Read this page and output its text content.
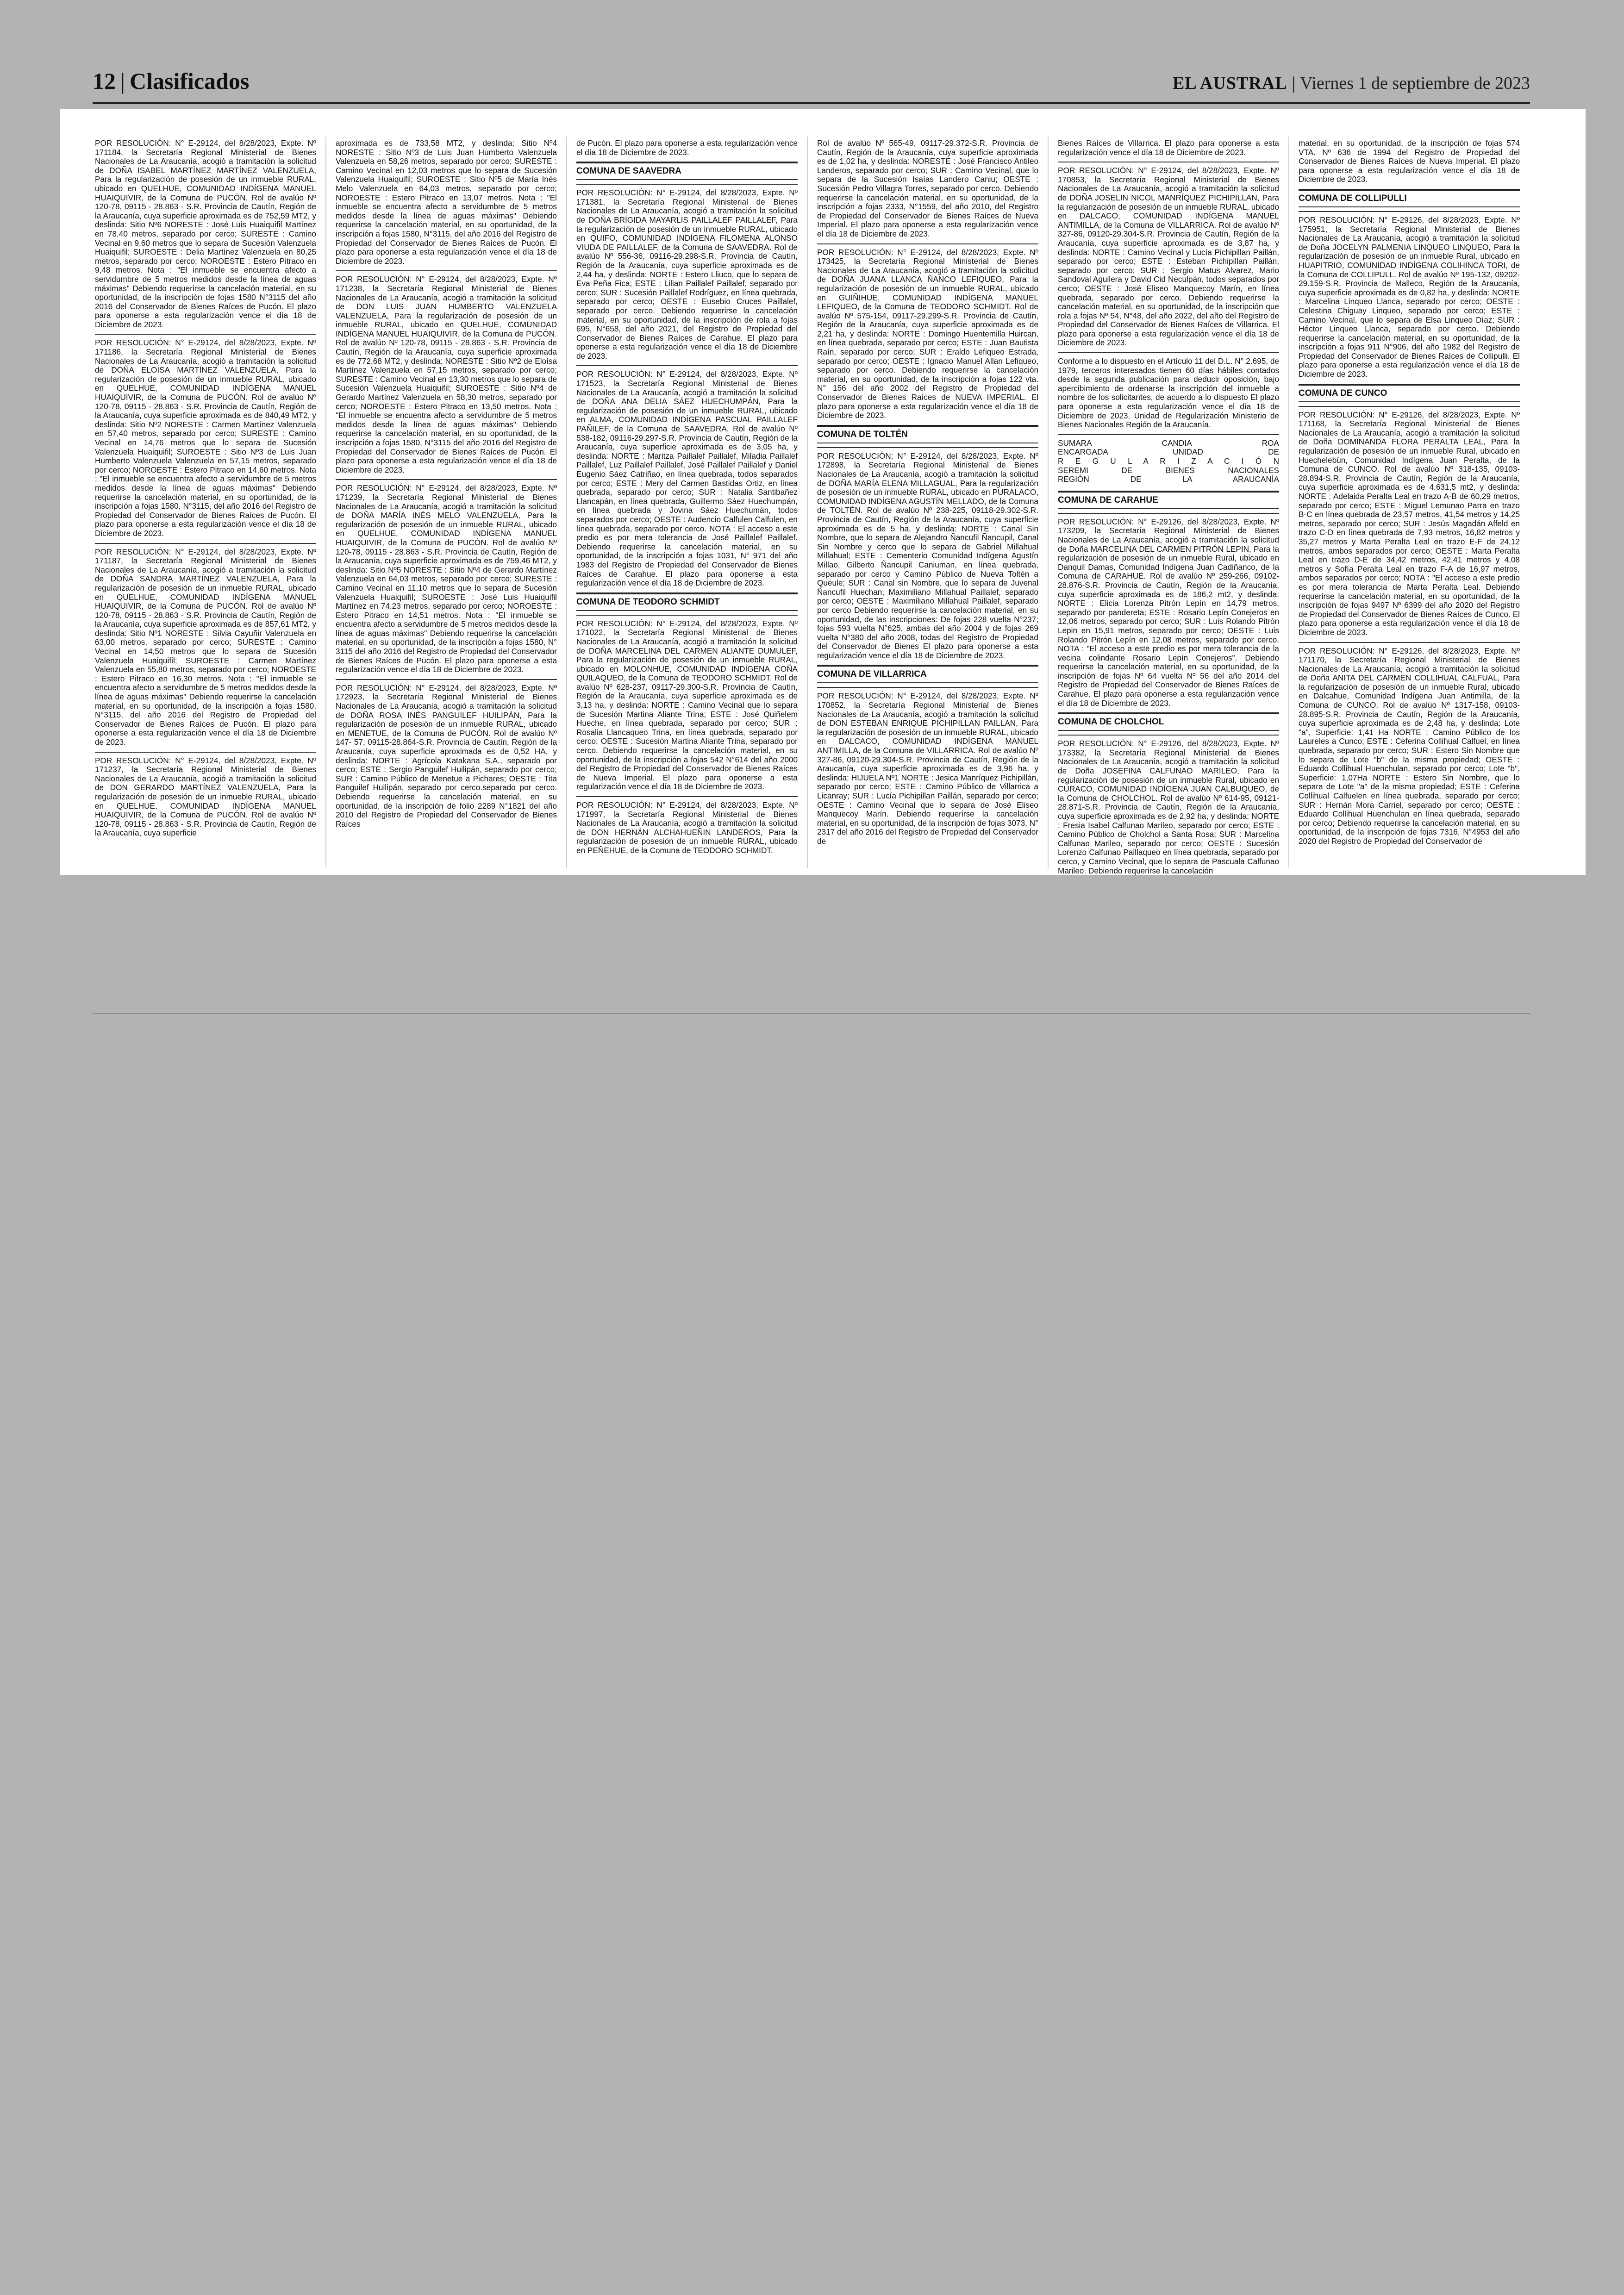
12 | Clasificados	EL AUSTRAL | Viernes 1 de septiembre de 2023

POR RESOLUCIÓN: N° E-29124, del 8/28/2023, Expte. Nº 171184, la Secretaría Regional Ministerial de Bienes Nacionales de La Araucanía, acogió a tramitación la solicitud de DOÑA ISABEL MARTÍNEZ MARTÍNEZ VALENZUELA, Para la regularización de posesión de un inmueble RURAL, ubicado en QUELHUE, COMUNIDAD INDÍGENA MANUEL HUAIQUIVIR, de la Comuna de PUCÓN. Rol de avalúo Nº 120-78, 09115 - 28.863 - S.R. Provincia de Cautín, Región de la Araucanía, cuya superficie aproximada es de 752,59 MT2, y deslinda: Sitio Nº6 NORESTE : José Luis Huaiquifil Martínez en 78,40 metros, separado por cerco; SURESTE : Camino Vecinal en 9,60 metros que lo separa de Sucesión Valenzuela Huaiquifil; SUROESTE : Delia Martínez Valenzuela en 80,25 metros, separado por cerco; NOROESTE : Estero Pitraco en 9,48 metros. Nota : "El inmueble se encuentra afecto a servidumbre de 5 metros medidos desde la línea de aguas máximas" Debiendo requerirse la cancelación material, en su oportunidad, de la inscripción de fojas 1580 N°3115 del año 2016 del Conservador de Bienes Raíces de Pucón. El plazo para oponerse a esta regularización vence el día 18 de Diciembre de 2023.

POR RESOLUCIÓN: N° E-29124, del 8/28/2023, Expte. Nº 171186, la Secretaría Regional Ministerial de Bienes Nacionales de La Araucanía, acogió a tramitación la solicitud de DOÑA ELOÍSA MARTÍNEZ VALENZUELA, Para la regularización de posesión de un inmueble RURAL, ubicado en QUELHUE, COMUNIDAD INDÍGENA MANUEL HUAIQUIVIR, de la Comuna de PUCÓN. Rol de avalúo Nº 120-78, 09115 - 28.863 - S.R. Provincia de Cautín, Región de la Araucanía, cuya superficie aproximada es de 840,49 MT2, y deslinda: Sitio Nº2 NORESTE : Carmen Martínez Valenzuela en 57,40 metros, separado por cerco; SURESTE : Camino Vecinal en 14,76 metros que lo separa de Sucesión Valenzuela Huaiquifil; SUROESTE : Sitio Nº3 de Luis Juan Humberto Valenzuela Valenzuela en 57,15 metros, separado por cerco; NOROESTE : Estero Pitraco en 14,60 metros. Nota : "El inmueble se encuentra afecto a servidumbre de 5 metros medidos desde la línea de aguas máximas" Debiendo requerirse la cancelación material, en su oportunidad, de la inscripción a fojas 1580, N°3115, del año 2016 del Registro de Propiedad del Conservador de Bienes Raíces de Pucón. El plazo para oponerse a esta regularización vence el día 18 de Diciembre de 2023.

POR RESOLUCIÓN: N° E-29124, del 8/28/2023, Expte. Nº 171187, la Secretaría Regional Ministerial de Bienes Nacionales de La Araucanía, acogió a tramitación la solicitud de DOÑA SANDRA MARTÍNEZ VALENZUELA, Para la regularización de posesión de un inmueble RURAL, ubicado en QUELHUE, COMUNIDAD INDÍGENA MANUEL HUAIQUIVIR, de la Comuna de PUCÓN. Rol de avalúo Nº 120-78, 09115 - 28.863 - S.R. Provincia de Cautín, Región de la Araucanía, cuya superficie aproximada es de 857,61 MT2, y deslinda: Sitio Nº1 NORESTE : Silvia Cayuñir Valenzuela en 63,00 metros, separado por cerco; SURESTE : Camino Vecinal en 14,50 metros que lo separa de Sucesión Valenzuela Huaiquifil; SUROESTE : Carmen Martínez Valenzuela en 55,80 metros, separado por cerco; NOROESTE : Estero Pitraco en 16,30 metros. Nota : "El inmueble se encuentra afecto a servidumbre de 5 metros medidos desde la línea de aguas máximas" Debiendo requerirse la cancelación material, en su oportunidad, de la inscripción a fojas 1580, N°3115, del año 2016 del Registro de Propiedad del Conservador de Bienes Raíces de Pucón. El plazo para oponerse a esta regularización vence el día 18 de Diciembre de 2023.

POR RESOLUCIÓN: N° E-29124, del 8/28/2023, Expte. Nº 171237, la Secretaría Regional Ministerial de Bienes Nacionales de La Araucanía, acogió a tramitación la solicitud de DON GERARDO MARTÍNEZ VALENZUELA, Para la regularización de posesión de un inmueble RURAL, ubicado en QUELHUE, COMUNIDAD INDÍGENA MANUEL HUAIQUIVIR, de la Comuna de PUCÓN. Rol de avalúo Nº 120-78, 09115 - 28.863 - S.R. Provincia de Cautín, Región de la Araucanía, cuya superficie

aproximada es de 733,58 MT2, y deslinda: Sitio Nº4 NORESTE : Sitio Nº3 de Luis Juan Humberto Valenzuela Valenzuela en 58,26 metros, separado por cerco; SURESTE : Camino Vecinal en 12,03 metros que lo separa de Sucesión Valenzuela Huaiquifil; SUROESTE : Sitio Nº5 de María Inés Melo Valenzuela en 64,03 metros, separado por cerco; NOROESTE : Estero Pitraco en 13,07 metros. Nota : "El inmueble se encuentra afecto a servidumbre de 5 metros medidos desde la línea de aguas máximas" Debiendo requerirse la cancelación material, en su oportunidad, de la inscripción a fojas 1580, N°3115, del año 2016 del Registro de Propiedad del Conservador de Bienes Raíces de Pucón. El plazo para oponerse a esta regularización vence el día 18 de Diciembre de 2023.

POR RESOLUCIÓN: N° E-29124, del 8/28/2023, Expte. Nº 171238, la Secretaría Regional Ministerial de Bienes Nacionales de La Araucanía, acogió a tramitación la solicitud de DON LUIS JUAN HUMBERTO VALENZUELA VALENZUELA, Para la regularización de posesión de un inmueble RURAL, ubicado en QUELHUE, COMUNIDAD INDÍGENA MANUEL HUAIQUIVIR, de la Comuna de PUCÓN. Rol de avalúo Nº 120-78, 09115 - 28.863 - S.R. Provincia de Cautín, Región de la Araucanía, cuya superficie aproximada es de 772,68 MT2, y deslinda: NORESTE : Sitio Nº2 de Eloísa Martínez Valenzuela en 57,15 metros, separado por cerco; SURESTE : Camino Vecinal en 13,30 metros que lo separa de Sucesión Valenzuela Huaiquifil; SUROESTE : Sitio Nº4 de Gerardo Martínez Valenzuela en 58,30 metros, separado por cerco; NOROESTE : Estero Pitraco en 13,50 metros. Nota : "El inmueble se encuentra afecto a servidumbre de 5 metros medidos desde la línea de aguas máximas" Debiendo requerirse la cancelación material, en su oportunidad, de la inscripción a fojas 1580, N°3115 del año 2016 del Registro de Propiedad del Conservador de Bienes Raíces de Pucón. El plazo para oponerse a esta regularización vence el día 18 de Diciembre de 2023.

POR RESOLUCIÓN: N° E-29124, del 8/28/2023, Expte. Nº 171239, la Secretaría Regional Ministerial de Bienes Nacionales de La Araucanía, acogió a tramitación la solicitud de DOÑA MARÍA INÉS MELO VALENZUELA, Para la regularización de posesión de un inmueble RURAL, ubicado en QUELHUE, COMUNIDAD INDÍGENA MANUEL HUAIQUIVIR, de la Comuna de PUCÓN. Rol de avalúo Nº 120-78, 09115 - 28.863 - S.R. Provincia de Cautín, Región de la Araucanía, cuya superficie aproximada es de 759,46 MT2, y deslinda: Sitio Nº5 NORESTE : Sitio Nº4 de Gerardo Martínez Valenzuela en 64,03 metros, separado por cerco; SURESTE : Camino Vecinal en 11,10 metros que lo separa de Sucesión Valenzuela Huaiquifil; SUROESTE : José Luis Huaiquifil Martínez en 74,23 metros, separado por cerco; NOROESTE : Estero Pitraco en 14,51 metros. Nota : "El inmueble se encuentra afecto a servidumbre de 5 metros medidos desde la línea de aguas máximas" Debiendo requerirse la cancelación material, en su oportunidad, de la inscripción a fojas 1580, N° 3115 del año 2016 del Registro de Propiedad del Conservador de Bienes Raíces de Pucón. El plazo para oponerse a esta regularización vence el día 18 de Diciembre de 2023.

POR RESOLUCIÓN: N° E-29124, del 8/28/2023, Expte. Nº 172923, la Secretaría Regional Ministerial de Bienes Nacionales de La Araucanía, acogió a tramitación la solicitud de DOÑA ROSA INÉS PANGUILEF HUILIPÁN, Para la regularización de posesión de un inmueble RURAL, ubicado en MENETUE, de la Comuna de PUCÓN. Rol de avalúo Nº 147- 57, 09115-28.864-S.R. Provincia de Cautín, Región de la Araucanía, cuya superficie aproximada es de 0,52 HA, y deslinda: NORTE : Agrícola Katakana S.A., separado por cerco; ESTE : Sergio Panguilef Huilipán, separado por cerco; SUR : Camino Público de Menetue a Pichares; OESTE : Tita Panguilef Huilipán, separado por cerco.separado por cerco. Debiendo requerirse la cancelación material, en su oportunidad, de la inscripción de folio 2289 N°1821 del año 2010 del Registro de Propiedad del Conservador de Bienes Raíces

de Pucón. El plazo para oponerse a esta regularización vence el día 18 de Diciembre de 2023.

COMUNA DE SAAVEDRA

POR RESOLUCIÓN: N° E-29124, del 8/28/2023, Expte. Nº 171381, la Secretaría Regional Ministerial de Bienes Nacionales de La Araucanía, acogió a tramitación la solicitud de DOÑA BRÍGIDA MAYARLIS PAILLALEF PAILLALEF, Para la regularización de posesión de un inmueble RURAL, ubicado en QUIFO, COMUNIDAD INDÍGENA FILOMENA ALONSO VIUDA DE PAILLALEF, de la Comuna de SAAVEDRA. Rol de avalúo Nº 556-36, 09116-29.298-S.R. Provincia de Cautín, Región de la Araucanía, cuya superficie aproximada es de 2,44 ha, y deslinda: NORTE : Estero Lliuco, que lo separa de Eva Peña Fica; ESTE : Lilian Paillalef Paillalef, separado por cerco; SUR : Sucesión Paillalef Rodríguez, en línea quebrada, separado por cerco; OESTE : Eusebio Cruces Paillalef, separado por cerco. Debiendo requerirse la cancelación material, en su oportunidad, de la inscripción de rola a fojas 695, N°658, del año 2021, del Registro de Propiedad del Conservador de Bienes Raíces de Carahue. El plazo para oponerse a esta regularización vence el día 18 de Diciembre de 2023.

POR RESOLUCIÓN: N° E-29124, del 8/28/2023, Expte. Nº 171523, la Secretaría Regional Ministerial de Bienes Nacionales de La Araucanía, acogió a tramitación la solicitud de DOÑA ANA DELIA SÁEZ HUECHUMPÁN, Para la regularización de posesión de un inmueble RURAL, ubicado en ALMA, COMUNIDAD INDÍGENA PASCUAL PAILLALEF PAÑILEF, de la Comuna de SAAVEDRA. Rol de avalúo Nº 538-182, 09116-29.297-S.R. Provincia de Cautín, Región de la Araucanía, cuya superficie aproximada es de 3,05 ha, y deslinda: NORTE : Maritza Paillalef Paillalef, Miladia Paillalef Paillalef, Luz Paillalef Paillalef, José Paillalef Paillalef y Daniel Eugenio Sáez Catriñao, en línea quebrada, todos separados por cerco; ESTE : Mery del Carmen Bastidas Ortiz, en línea quebrada, separado por cerco; SUR : Natalia Santibañez Llancapán, en línea quebrada, Guillermo Sáez Huechumpán, en línea quebrada y Jovina Sáez Huechumán, todos separados por cerco; OESTE : Audencio Calfulen Calfulen, en línea quebrada, separado por cerco. NOTA : El acceso a este predio es por mera tolerancia de José Paillalef Paillalef. Debiendo requerirse la cancelación material, en su oportunidad, de la inscripción a fojas 1031, N° 971 del año 1983 del Registro de Propiedad del Conservador de Bienes Raíces de Carahue. El plazo para oponerse a esta regularización vence el día 18 de Diciembre de 2023.

COMUNA DE TEODORO SCHMIDT

POR RESOLUCIÓN: N° E-29124, del 8/28/2023, Expte. Nº 171022, la Secretaría Regional Ministerial de Bienes Nacionales de La Araucanía, acogió a tramitación la solicitud de DOÑA MARCELINA DEL CARMEN ALIANTE DUMULEF, Para la regularización de posesión de un inmueble RURAL, ubicado en MOLONHUE, COMUNIDAD INDÍGENA COÑA QUILAQUEO, de la Comuna de TEODORO SCHMIDT. Rol de avalúo Nº 628-237, 09117-29.300-S.R. Provincia de Cautín, Región de la Araucanía, cuya superficie aproximada es de 3,13 ha, y deslinda: NORTE : Camino Vecinal que lo separa de Sucesión Martina Aliante Trina; ESTE : José Quiñelem Hueche, en línea quebrada, separado por cerco; SUR : Rosalia Llancaqueo Trina, en línea quebrada, separado por cerco; OESTE : Sucesión Martina Aliante Trina, separado por cerco. Debiendo requerirse la cancelación material, en su oportunidad, de la inscripción a fojas 542 N°614 del año 2000 del Registro de Propiedad del Conservador de Bienes Raíces de Nueva Imperial. El plazo para oponerse a esta regularización vence el día 18 de Diciembre de 2023.

POR RESOLUCIÓN: N° E-29124, del 8/28/2023, Expte. Nº 171997, la Secretaría Regional Ministerial de Bienes Nacionales de La Araucanía, acogió a tramitación la solicitud de DON HERNÁN ALCHAHUEÑIN LANDEROS, Para la regularización de posesión de un inmueble RURAL, ubicado en PEÑEHUE, de la Comuna de TEODORO SCHMIDT.

Rol de avalúo Nº 565-49, 09117-29.372-S.R. Provincia de Cautín, Región de la Araucanía, cuya superficie aproximada es de 1,02 ha, y deslinda: NORESTE : José Francisco Antileo Landeros, separado por cerco; SUR : Camino Vecinal, que lo separa de la Sucesión Isaías Landero Caniu; OESTE : Sucesión Pedro Villagra Torres, separado por cerco. Debiendo requerirse la cancelación material, en su oportunidad, de la inscripción a fojas 2333, N°1559, del año 2010, del Registro de Propiedad del Conservador de Bienes Raíces de Nueva Imperial. El plazo para oponerse a esta regularización vence el día 18 de Diciembre de 2023.

POR RESOLUCIÓN: N° E-29124, del 8/28/2023, Expte. Nº 173425, la Secretaría Regional Ministerial de Bienes Nacionales de La Araucanía, acogió a tramitación la solicitud de DOÑA JUANA LLANCA ÑANCO LEFIQUEO, Para la regularización de posesión de un inmueble RURAL, ubicado en GUIÑIHUE, COMUNIDAD INDÍGENA MANUEL LEFIQUEO, de la Comuna de TEODORO SCHMIDT. Rol de avalúo Nº 575-154, 09117-29.299-S.R. Provincia de Cautín, Región de la Araucanía, cuya superficie aproximada es de 2,21 ha, y deslinda: NORTE : Domingo Huentemilla Huircan, en línea quebrada, separado por cerco; ESTE : Juan Bautista Raín, separado por cerco; SUR : Eraldo Lefiqueo Estrada, separado por cerco; OESTE : Ignacio Manuel Allan Lefiqueo, separado por cerco. Debiendo requerirse la cancelación material, en su oportunidad, de la inscripción a fojas 122 vta. N° 156 del año 2002 del Registro de Propiedad del Conservador de Bienes Raíces de NUEVA IMPERIAL. El plazo para oponerse a esta regularización vence el día 18 de Diciembre de 2023.

COMUNA DE TOLTÉN

POR RESOLUCIÓN: N° E-29124, del 8/28/2023, Expte. Nº 172898, la Secretaría Regional Ministerial de Bienes Nacionales de La Araucanía, acogió a tramitación la solicitud de DOÑA MARÍA ELENA MILLAGUAL, Para la regularización de posesión de un inmueble RURAL, ubicado en PURALACO, COMUNIDAD INDÍGENA AGUSTÍN MELLADO, de la Comuna de TOLTÉN. Rol de avalúo Nº 238-225, 09118-29.302-S.R. Provincia de Cautín, Región de la Araucanía, cuya superficie aproximada es de 5 ha, y deslinda: NORTE : Canal Sin Nombre, que lo separa de Alejandro Ñancufil Ñancupil, Canal Sin Nombre y cerco que lo separa de Gabriel Millahual Millahual; ESTE : Cementerio Comunidad Indígena Agustín Millao, Gilberto Ñancupil Caniuman, en línea quebrada, separado por cerco y Camino Público de Nueva Toltén a Queule; SUR : Canal sin Nombre, que lo separa de Juvenal Ñancufil Huechan, Maximiliano Millahual Paillalef, separado por cerco; OESTE : Maximiliano Millahual Paillalef, separado por cerco Debiendo requerirse la cancelación material, en su oportunidad, de las inscripciones: De fojas 228 vuelta N°237; fojas 593 vuelta N°625, ambas del año 2004 y de fojas 269 vuelta N°380 del año 2008, todas del Registro de Propiedad del Conservador de Bienes El plazo para oponerse a esta regularización vence el día 18 de Diciembre de 2023.

COMUNA DE VILLARRICA

POR RESOLUCIÓN: N° E-29124, del 8/28/2023, Expte. Nº 170852, la Secretaría Regional Ministerial de Bienes Nacionales de La Araucanía, acogió a tramitación la solicitud de DON ESTEBAN ENRIQUE PICHIPILLAN PAILLAN, Para la regularización de posesión de un inmueble RURAL, ubicado en DALCACO, COMUNIDAD INDÍGENA MANUEL ANTIMILLA, de la Comuna de VILLARRICA. Rol de avalúo Nº 327-86, 09120-29.304-S.R. Provincia de Cautín, Región de la Araucanía, cuya superficie aproximada es de 3,96 ha, y deslinda: HIJUELA Nº1 NORTE : Jesica Manríquez Pichipillán, separado por cerco; ESTE : Camino Público de Villarrica a Licanray; SUR : Lucía Pichipillan Paillán, separado por cerco; OESTE : Camino Vecinal que lo separa de José Eliseo Manquecoy Marín. Debiendo requerirse la cancelación material, en su oportunidad, de la inscripción de fojas 3073, N° 2317 del año 2016 del Registro de Propiedad del Conservador de

Bienes Raíces de Villarrica. El plazo para oponerse a esta regularización vence el día 18 de Diciembre de 2023.

POR RESOLUCIÓN: N° E-29124, del 8/28/2023, Expte. Nº 170853, la Secretaría Regional Ministerial de Bienes Nacionales de La Araucanía, acogió a tramitación la solicitud de DOÑA JOSELIN NICOL MANRÍQUEZ PICHIPILLAN, Para la regularización de posesión de un inmueble RURAL, ubicado en DALCACO, COMUNIDAD INDÍGENA MANUEL ANTIMILLA, de la Comuna de VILLARRICA. Rol de avalúo Nº 327-86, 09120-29.304-S.R. Provincia de Cautín, Región de la Araucanía, cuya superficie aproximada es de 3,87 ha, y deslinda: NORTE : Camino Vecinal y Lucía Pichipillan Paillán, separado por cerco; ESTE : Esteban Pichipillan Paillán, separado por cerco; SUR : Sergio Matus Alvarez, Mario Sandoval Aguilera y David Cid Neculpán, todos separados por cerco; OESTE : José Eliseo Manquecoy Marín, en línea quebrada, separado por cerco. Debiendo requerirse la cancelación material, en su oportunidad, de la inscripción que rola a fojas Nº 54, N°48, del año 2022, del año del Registro de Propiedad del Conservador de Bienes Raíces de Villarrica. El plazo para oponerse a esta regularización vence el día 18 de Diciembre de 2023.

Conforme a lo dispuesto en el Artículo 11 del D.L. N° 2.695, de 1979, terceros interesados tienen 60 días hábiles contados desde la segunda publicación para deducir oposición, bajo apercibimiento de ordenarse la inscripción del inmueble a nombre de los solicitantes, de acuerdo a lo dispuesto El plazo para oponerse a esta regularización vence el día 18 de Diciembre de 2023. Unidad de Regularización Ministerio de Bienes Nacionales Región de la Araucanía.

SUMARA CANDIA ROA
ENCARGADA UNIDAD DE
R E G U L A R I Z A C I Ó N
SEREMI DE BIENES NACIONALES
REGIÓN DE LA ARAUCANÍA
COMUNA DE CARAHUE

POR RESOLUCIÓN: N° E-29126, del 8/28/2023, Expte. Nº 173209, la Secretaría Regional Ministerial de Bienes Nacionales de La Araucanía, acogió a tramitación la solicitud de Doña MARCELINA DEL CARMEN PITRÓN LEPIN, Para la regularización de posesión de un inmueble Rural, ubicado en Danquil Damas, Comunidad Indígena Juan Cadiñanco, de la Comuna de CARAHUE. Rol de avalúo Nº 259-266, 09102-28.876-S.R. Provincia de Cautín, Región de la Araucanía, cuya superficie aproximada es de 186,2 mt2, y deslinda: NORTE : Elicia Lorenza Pitrón Lepín en 14,79 metros, separado por pandereta; ESTE : Rosario Lepín Conejeros en 12,06 metros, separado por cerco; SUR : Luis Rolando Pitrón Lepin en 15,91 metros, separado por cerco; OESTE : Luis Rolando Pitrón Lepín en 12,08 metros, separado por cerco. NOTA : "El acceso a este predio es por mera tolerancia de la vecina colindante Rosario Lepín Conejeros". Debiendo requerirse la cancelación material, en su oportunidad, de la inscripción de fojas Nº 64 vuelta Nº 56 del año 2014 del Registro de Propiedad del Conservador de Bienes Raíces de Carahue. El plazo para oponerse a esta regularización vence el día 18 de Diciembre de 2023.

COMUNA DE CHOLCHOL

POR RESOLUCIÓN: N° E-29126, del 8/28/2023, Expte. Nº 173382, la Secretaría Regional Ministerial de Bienes Nacionales de La Araucanía, acogió a tramitación la solicitud de Doña JOSEFINA CALFUNAO MARILEO, Para la regularización de posesión de un inmueble Rural, ubicado en CURACO, COMUNIDAD INDÍGENA JUAN CALBUQUEO, de la Comuna de CHOLCHOL. Rol de avalúo Nº 614-95, 09121-28.871-S.R. Provincia de Cautín, Región de la Araucanía, cuya superficie aproximada es de 2,92 ha, y deslinda: NORTE : Fresia Isabel Calfunao Marileo, separado por cerco; ESTE : Camino Público de Cholchol a Santa Rosa; SUR : Marcelina Calfunao Marileo, separado por cerco; OESTE : Sucesión Lorenzo Calfunao Paillaqueo en línea quebrada, separado por cerco, y Camino Vecinal, que lo separa de Pascuala Calfunao Marileo. Debiendo requerirse la cancelación

material, en su oportunidad, de la inscripción de fojas 574 VTA. Nº 636 de 1994 del Registro de Propiedad del Conservador de Bienes Raíces de Nueva Imperial. El plazo para oponerse a esta regularización vence el día 18 de Diciembre de 2023.

COMUNA DE COLLIPULLI

POR RESOLUCIÓN: N° E-29126, del 8/28/2023, Expte. Nº 175951, la Secretaría Regional Ministerial de Bienes Nacionales de La Araucanía, acogió a tramitación la solicitud de Doña JOCELYN PALMENIA LINQUEO LINQUEO, Para la regularización de posesión de un inmueble Rural, ubicado en HUAPITRIO, COMUNIDAD INDÍGENA COLIHINCA TORI, de la Comuna de COLLIPULL. Rol de avalúo Nº 195-132, 09202-29.159-S.R. Provincia de Malleco, Región de la Araucanía, cuya superficie aproximada es de 0,82 ha, y deslinda: NORTE : Marcelina Linqueo Llanca, separado por cerco; OESTE : Celestina Chiguay Linqueo, separado por cerco; ESTE : Camino Vecinal, que lo separa de Elsa Linqueo Díaz; SUR : Héctor Linqueo Llanca, separado por cerco. Debiendo requerirse la cancelación material, en su oportunidad, de la inscripción a fojas 911 N°906, del año 1982 del Registro de Propiedad del Conservador de Bienes Raíces de Collipulli. El plazo para oponerse a esta regularización vence el día 18 de Diciembre de 2023.

COMUNA DE CUNCO

POR RESOLUCIÓN: N° E-29126, del 8/28/2023, Expte. Nº 171168, la Secretaría Regional Ministerial de Bienes Nacionales de La Araucanía, acogió a tramitación la solicitud de Doña DOMINANDA FLORA PERALTA LEAL, Para la regularización de posesión de un inmueble Rural, ubicado en Huechelebún, Comunidad Indígena Juan Peralta, de la Comuna de CUNCO. Rol de avalúo Nº 318-135, 09103-28.894-S.R. Provincia de Cautín, Región de la Araucanía, cuya superficie aproximada es de 4.631,5 mt2, y deslinda: NORTE : Adelaida Peralta Leal en trazo A-B de 60,29 metros, separado por cerco; ESTE : Miguel Lemunao Parra en trazo B-C en línea quebrada de 23,57 metros, 41,54 metros y 14,25 metros, separado por cerco; SUR : Jesús Magadán Affeld en trazo C-D en línea quebrada de 7,93 metros, 16,82 metros y 35,27 metros y Marta Peralta Leal en trazo E-F de 24,12 metros, ambos separados por cerco; OESTE : Marta Peralta Leal en trazo D-E de 34,42 metros, 42,41 metros y 4,08 metros y Sofía Peralta Leal en trazo F-A de 16,97 metros, ambos separados por cerco; NOTA : "El acceso a este predio es por mera tolerancia de Marta Peralta Leal. Debiendo requerirse la cancelación material, en su oportunidad, de la inscripción de fojas 9497 Nº 6399 del año 2020 del Registro de Propiedad del Conservador de Bienes Raíces de Cunco. El plazo para oponerse a esta regularización vence el día 18 de Diciembre de 2023.

POR RESOLUCIÓN: N° E-29126, del 8/28/2023, Expte. Nº 171170, la Secretaría Regional Ministerial de Bienes Nacionales de La Araucanía, acogió a tramitación la solicitud de Doña ANITA DEL CARMEN COLLIHUAL CALFUAL, Para la regularización de posesión de un inmueble Rural, ubicado en Dalcahue, Comunidad Indígena Juan Antimilla, de la Comuna de CUNCO. Rol de avalúo Nº 1317-158, 09103-28.895-S.R. Provincia de Cautín, Región de la Araucanía, cuya superficie aproximada es de 2,48 ha, y deslinda: Lote "a", Superficie: 1,41 Ha NORTE : Camino Público de los Laureles a Cunco; ESTE : Ceferina Collihual Calfuel, en línea quebrada, separado por cerco; SUR : Estero Sin Nombre que lo separa de Lote "b" de la misma propiedad; OESTE : Eduardo Collihual Huenchulan, separado por cerco; Lote "b", Superficie: 1,07Ha NORTE : Estero Sin Nombre, que lo separa de Lote "a" de la misma propiedad; ESTE : Ceferina Collihual Calfuelen en línea quebrada, separado por cerco; SUR : Hernán Mora Carriel, separado por cerco; OESTE : Eduardo Collihual Huenchulan en línea quebrada, separado por cerco; Debiendo requerirse la cancelación material, en su oportunidad, de la inscripción de fojas 7316, N°4953 del año 2020 del Registro de Propiedad del Conservador de
